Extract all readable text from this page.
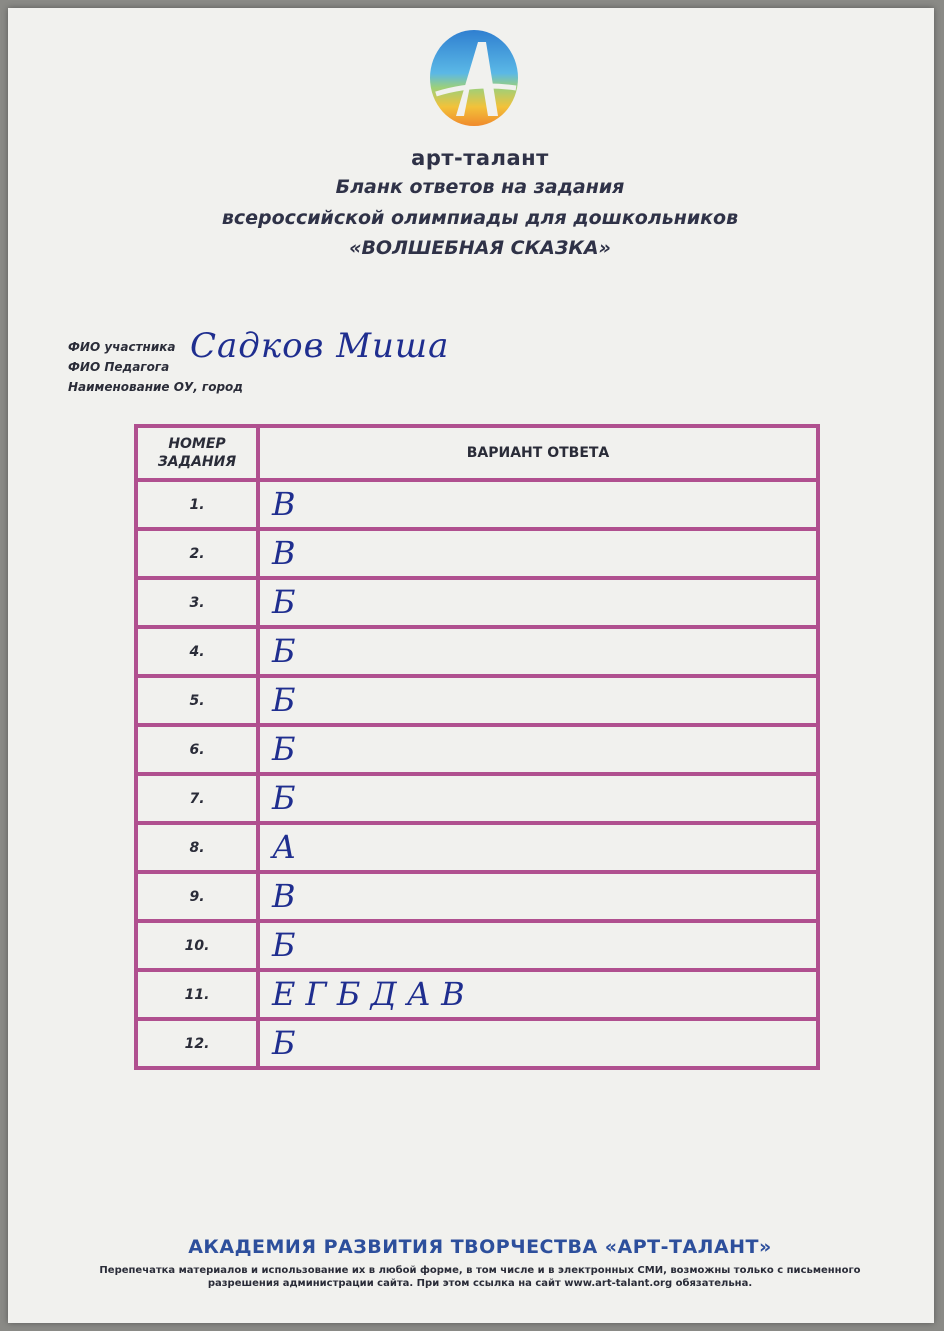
арт-талант
Бланк ответов на задания
всероссийской олимпиады для дошкольников
«ВОЛШЕБНАЯ СКАЗКА»
ФИО участника Садков Миша
ФИО Педагога
Наименование ОУ, город
НОМЕР ЗАДАНИЯ	ВАРИАНТ ОТВЕТА
1.	В
2.	В
3.	Б
4.	Б
5.	Б
6.	Б
7.	Б
8.	А
9.	В
10.	Б
11.	Е Г Б Д А В
12.	Б
АКАДЕМИЯ РАЗВИТИЯ ТВОРЧЕСТВА «АРТ-ТАЛАНТ»
Перепечатка материалов и использование их в любой форме, в том числе и в электронных СМИ, возможны только с письменного разрешения администрации сайта. При этом ссылка на сайт www.art-talant.org обязательна.
